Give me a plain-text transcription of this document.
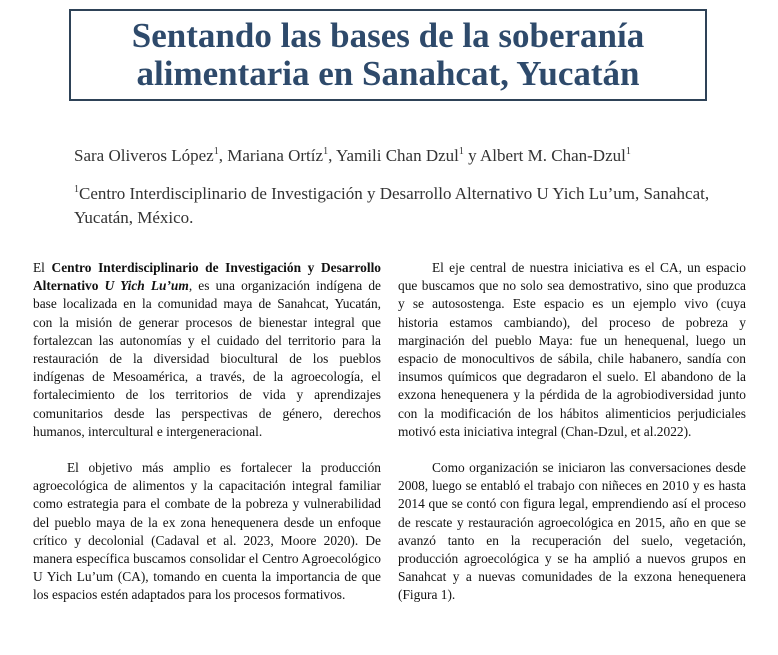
Sentando las bases de la soberanía
alimentaria en Sanahcat, Yucatán
Sara Oliveros López$^1$, Mariana Ortíz$^1$, Yamili Chan Dzul$^1$ y Albert M. Chan-Dzul$^1$
$^1$Centro Interdisciplinario de Investigación y Desarrollo Alternativo U Yich Lu’um, Sanahcat, Yucatán, México.

El Centro Interdisciplinario de Investigación y Desarrollo Alternativo U Yich Lu’um, es una organización indígena de base localizada en la comunidad maya de Sanahcat, Yucatán, con la misión de generar procesos de bienestar integral que fortalezcan las autonomías y el cuidado del territorio para la restauración de la diversidad biocultural de los pueblos indígenas de Mesoamérica, a través, de la agroecología, el fortalecimiento de los territorios de vida y aprendizajes comunitarios desde las perspectivas de género, derechos humanos, intercultural e intergeneracional.

El objetivo más amplio es fortalecer la producción agroecológica de alimentos y la capacitación integral familiar como estrategia para el combate de la pobreza y vulnerabilidad del pueblo maya de la ex zona henequenera desde un enfoque crítico y decolonial (Cadaval et al. 2023, Moore 2020). De manera específica buscamos consolidar el Centro Agroecológico U Yich Lu’um (CA), tomando en cuenta la importancia de que los espacios estén adaptados para los procesos formativos.

El eje central de nuestra iniciativa es el CA, un espacio que buscamos que no solo sea demostrativo, sino que produzca y se autosostenga. Este espacio es un ejemplo vivo (cuya historia estamos cambiando), del proceso de pobreza y marginación del pueblo Maya: fue un henequenal, luego un espacio de monocultivos de sábila, chile habanero, sandía con insumos químicos que degradaron el suelo. El abandono de la exzona henequenera y la pérdida de la agrobiodiversidad junto con la modificación de los hábitos alimenticios perjudiciales motivó esta iniciativa integral (Chan-Dzul, et al.2022).

Como organización se iniciaron las conversaciones desde 2008, luego se entabló el trabajo con niñeces en 2010 y es hasta 2014 que se contó con figura legal, emprendiendo así el proceso de rescate y restauración agroecológica en 2015, año en que se avanzó tanto en la recuperación del suelo, vegetación, producción agroecológica y se ha amplió a nuevos grupos en Sanahcat y a nuevas comunidades de la exzona henequenera (Figura 1).
